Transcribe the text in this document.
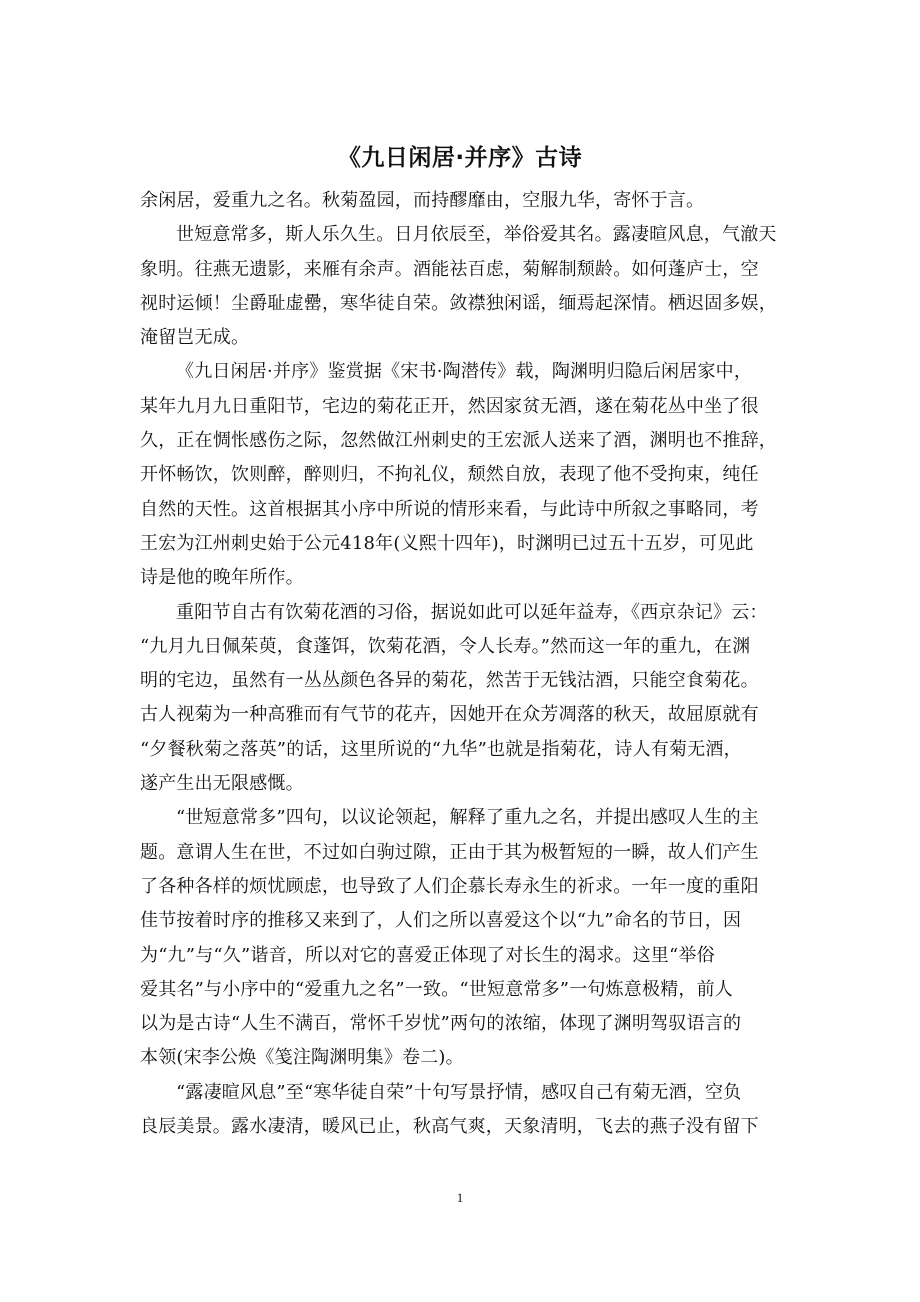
《九日闲居·并序》古诗
余闲居，爱重九之名。秋菊盈园，而持醪靡由，空服九华，寄怀于言。
世短意常多，斯人乐久生。日月依辰至，举俗爱其名。露凄暄风息，气澈天
象明。往燕无遗影，来雁有余声。酒能祛百虑，菊解制颓龄。如何蓬庐士，空
视时运倾！尘爵耻虚罍，寒华徒自荣。敛襟独闲谣，缅焉起深情。栖迟固多娱，
淹留岂无成。
《九日闲居·并序》鉴赏据《宋书·陶潜传》载，陶渊明归隐后闲居家中，
某年九月九日重阳节，宅边的菊花正开，然因家贫无酒，遂在菊花丛中坐了很
久，正在惆怅感伤之际，忽然做江州刺史的王宏派人送来了酒，渊明也不推辞，
开怀畅饮，饮则醉，醉则归，不拘礼仪，颓然自放，表现了他不受拘束，纯任
自然的天性。这首根据其小序中所说的情形来看，与此诗中所叙之事略同，考
王宏为江州刺史始于公元418年(义熙十四年)，时渊明已过五十五岁，可见此
诗是他的晚年所作。
重阳节自古有饮菊花酒的习俗，据说如此可以延年益寿，《西京杂记》云：
“九月九日佩茱萸，食蓬饵，饮菊花酒，令人长寿。”然而这一年的重九，在渊
明的宅边，虽然有一丛丛颜色各异的菊花，然苦于无钱沽酒，只能空食菊花。
古人视菊为一种高雅而有气节的花卉，因她开在众芳凋落的秋天，故屈原就有
“夕餐秋菊之落英”的话，这里所说的“九华”也就是指菊花，诗人有菊无酒，
遂产生出无限感慨。
“世短意常多”四句，以议论领起，解释了重九之名，并提出感叹人生的主
题。意谓人生在世，不过如白驹过隙，正由于其为极暂短的一瞬，故人们产生
了各种各样的烦忧顾虑，也导致了人们企慕长寿永生的祈求。一年一度的重阳
佳节按着时序的推移又来到了，人们之所以喜爱这个以“九”命名的节日，因
为“九”与“久”谐音，所以对它的喜爱正体现了对长生的渴求。这里“举俗
爱其名”与小序中的“爱重九之名”一致。“世短意常多”一句炼意极精，前人
以为是古诗“人生不满百，常怀千岁忧”两句的浓缩，体现了渊明驾驭语言的
本领(宋李公焕《笺注陶渊明集》卷二)。
“露凄暄风息”至“寒华徒自荣”十句写景抒情，感叹自己有菊无酒，空负
良辰美景。露水凄清，暖风已止，秋高气爽，天象清明，飞去的燕子没有留下
1
